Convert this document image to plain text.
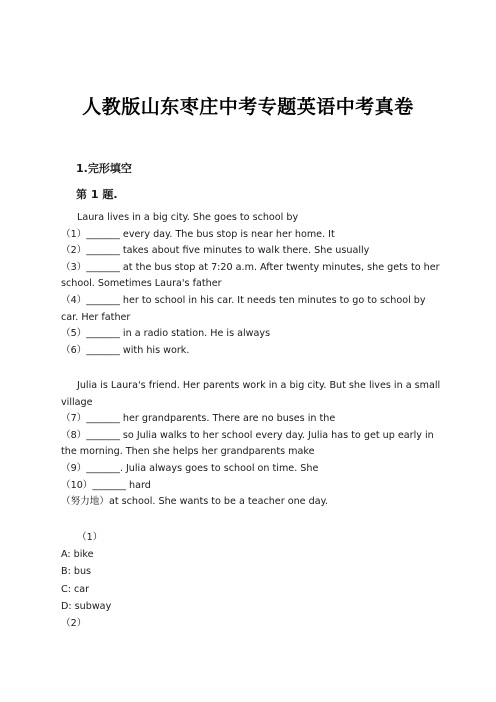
人教版山东枣庄中考专题英语中考真卷
1.完形填空
第 1 题.

Laura lives in a big city. She goes to school by

（1）_______ every day. The bus stop is near her home. It

（2）_______ takes about five minutes to walk there. She usually

（3）_______ at the bus stop at 7:20 a.m. After twenty minutes, she gets to her school. Sometimes Laura's father

（4）_______ her to school in his car. It needs ten minutes to go to school by car. Her father

（5）_______ in a radio station. He is always

（6）_______ with his work.

Julia is Laura's friend. Her parents work in a big city. But she lives in a small village

（7）_______ her grandparents. There are no buses in the

（8）_______ so Julia walks to her school every day. Julia has to get up early in the morning. Then she helps her grandparents make

（9）_______. Julia always goes to school on time. She

（10）_______ hard

（努力地）at school. She wants to be a teacher one day.

（1）
A: bike
B: bus
C: car
D: subway
（2）
